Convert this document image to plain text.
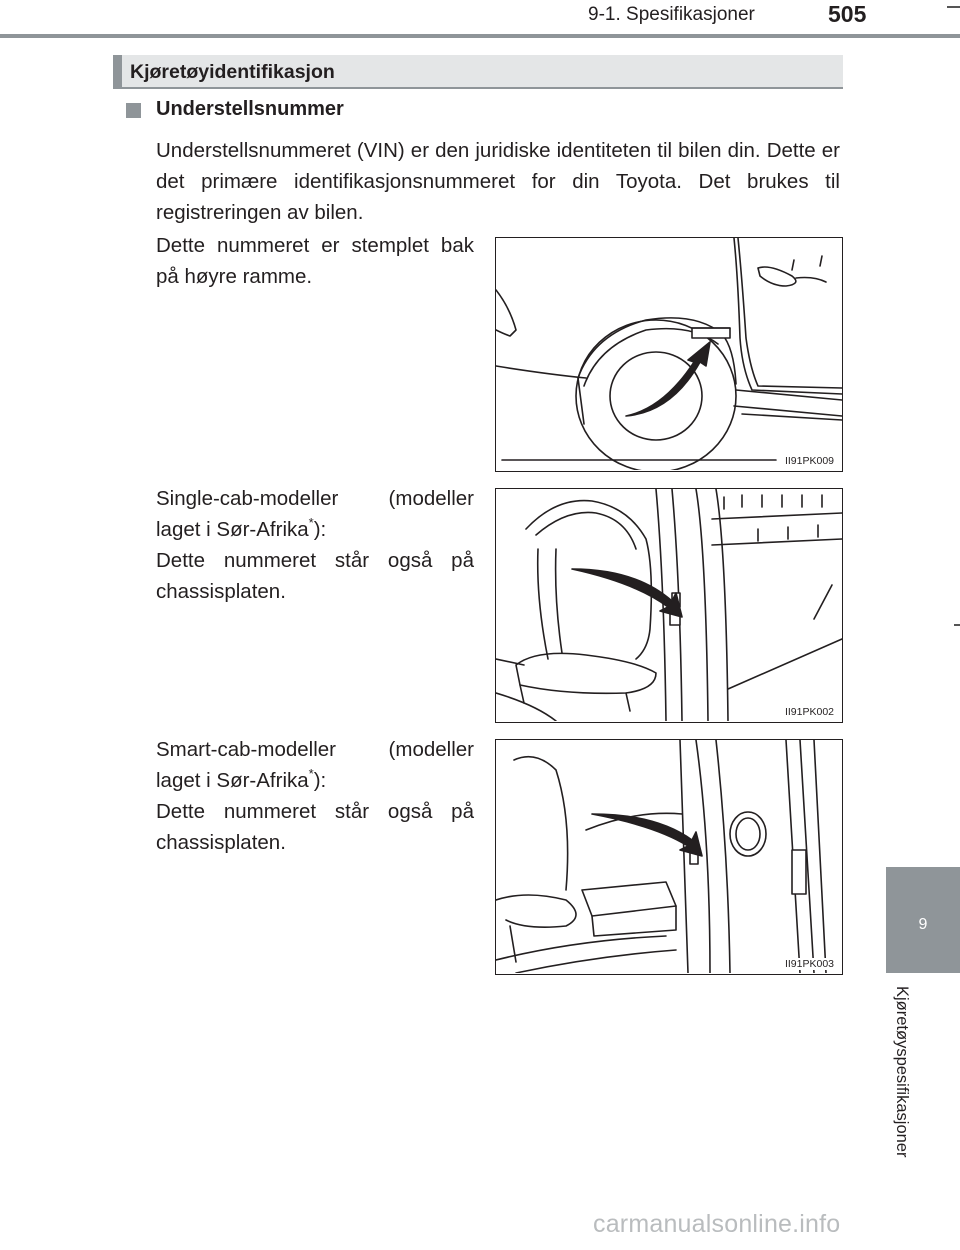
9-1. Spesifikasjoner	505
Kjøretøyidentifikasjon
Understellsnummer
Understellsnummeret (VIN) er den juridiske identiteten til bilen din. Dette er det primære identifikasjonsnummeret for din Toyota. Det brukes til registreringen av bilen.
Dette nummeret er stemplet bak på høyre ramme.
II91PK009
Single-cab-modeller (modeller laget i Sør-Afrika*):
Dette nummeret står også på chassisplaten.
II91PK002
Smart-cab-modeller (modeller laget i Sør-Afrika*):
Dette nummeret står også på chassisplaten.
II91PK003
9
Kjøretøyspesifikasjoner
carmanualsonline.info
